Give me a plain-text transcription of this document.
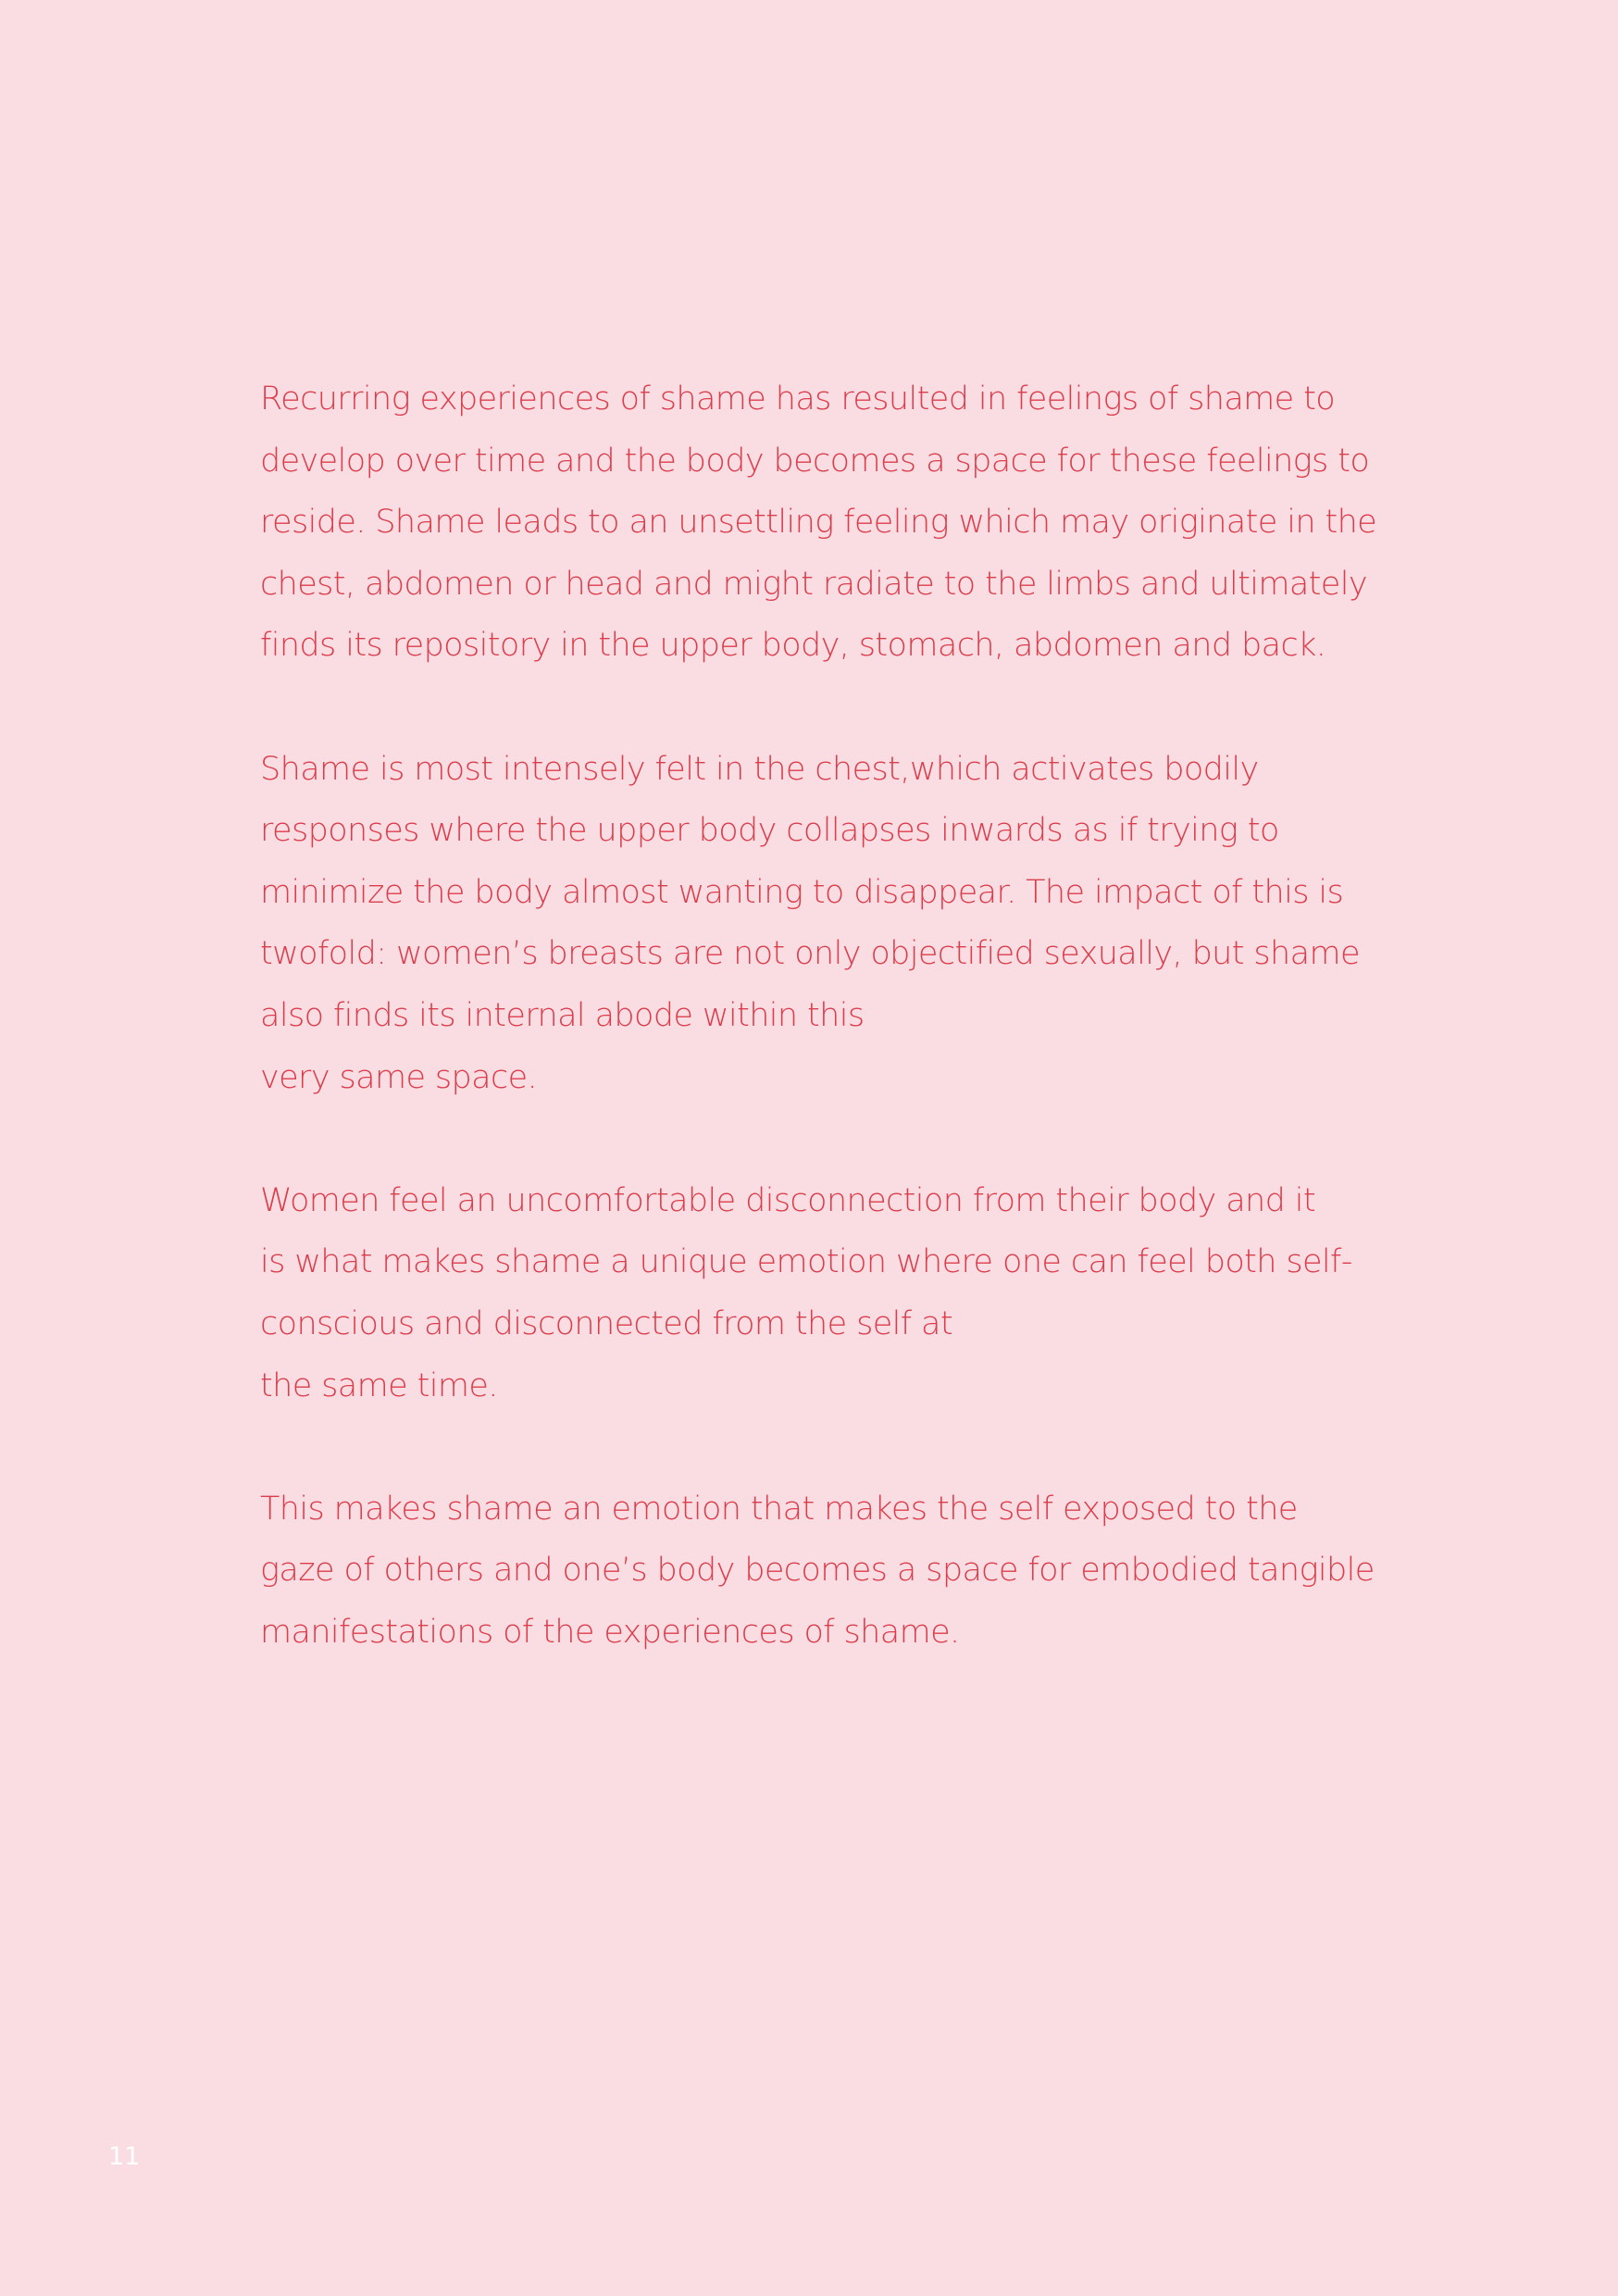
Recurring experiences of shame has resulted in feelings of shame to
develop over time and the body becomes a space for these feelings to
reside. Shame leads to an unsettling feeling which may originate in the
chest, abdomen or head and might radiate to the limbs and ultimately
finds its repository in the upper body, stomach, abdomen and back.

Shame is most intensely felt in the chest,which activates bodily
responses where the upper body collapses inwards as if trying to
minimize the body almost wanting to disappear. The impact of this is
twofold: women’s breasts are not only objectified sexually, but shame
also finds its internal abode within this
very same space.

Women feel an uncomfortable disconnection from their body and it
is what makes shame a unique emotion where one can feel both self-
conscious and disconnected from the self at
the same time.

This makes shame an emotion that makes the self exposed to the
gaze of others and one’s body becomes a space for embodied tangible
manifestations of the experiences of shame.

11
